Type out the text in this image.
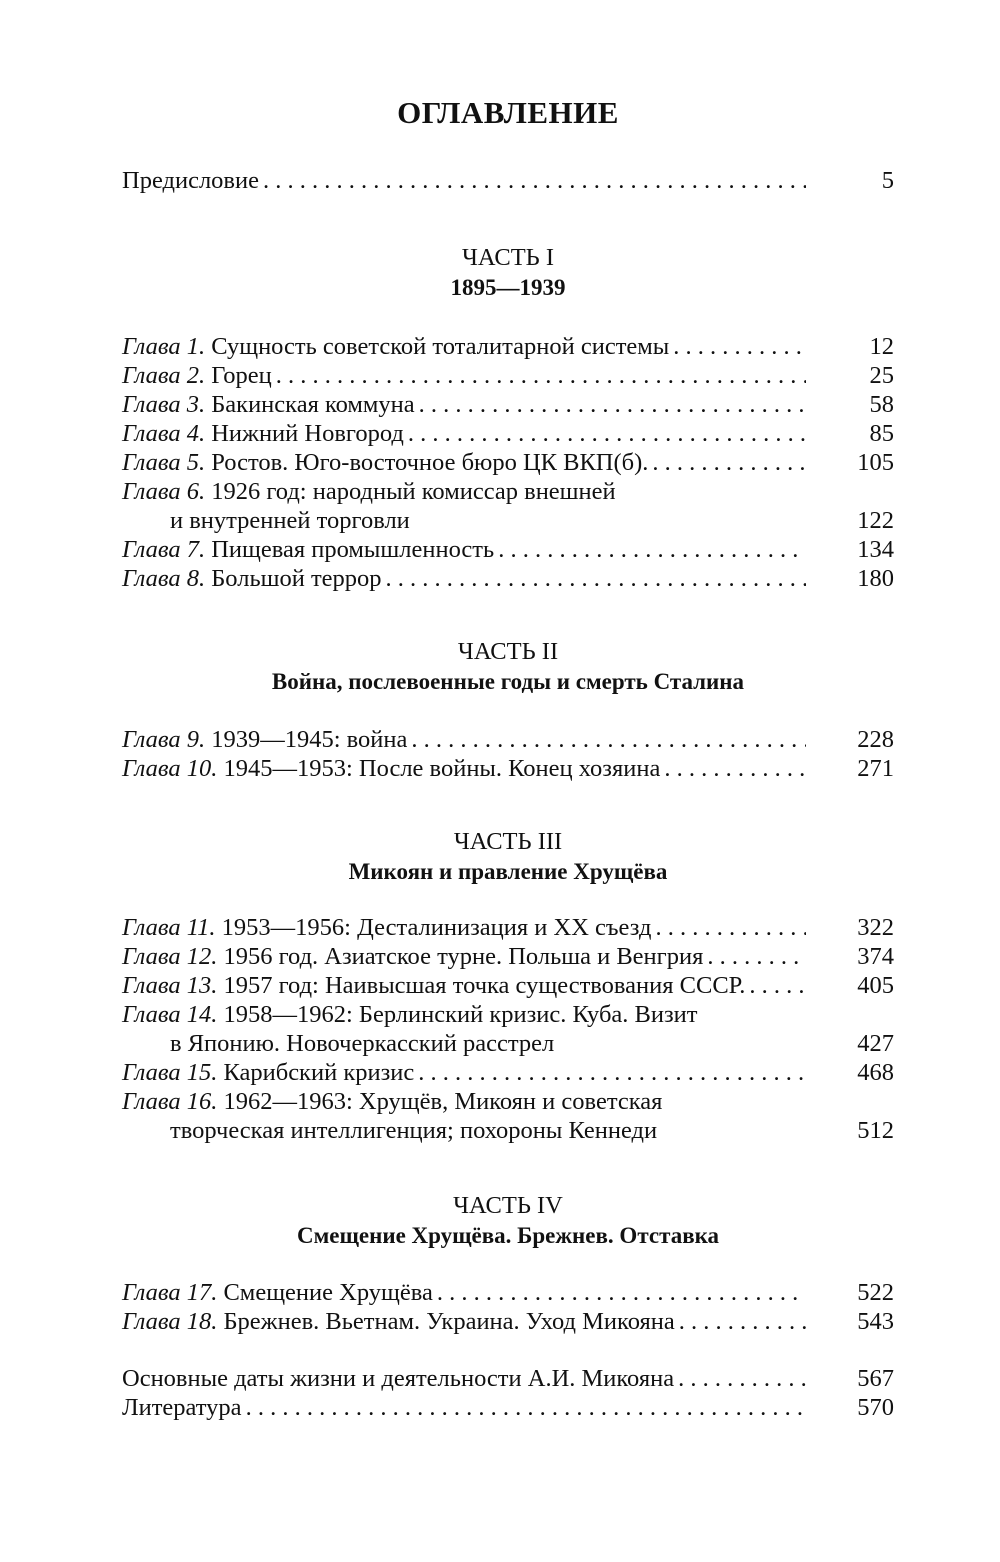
ОГЛАВЛЕНИЕ
Предисловие . . .	5
ЧАСТЬ I
1895—1939
Глава 1. Сущность советской тоталитарной системы . . .	12
Глава 2. Горец . . .	25
Глава 3. Бакинская коммуна . . .	58
Глава 4. Нижний Новгород . . .	85
Глава 5. Ростов. Юго-восточное бюро ЦК ВКП(б). . . .	105
Глава 6. 1926 год: народный комиссар внешней
и внутренней торговли	122
Глава 7. Пищевая промышленность . . .	134
Глава 8. Большой террор . . .	180
ЧАСТЬ II
Война, послевоенные годы и смерть Сталина
Глава 9. 1939—1945: война . . .	228
Глава 10. 1945—1953: После войны. Конец хозяина . . .	271
ЧАСТЬ III
Микоян и правление Хрущёва
Глава 11. 1953—1956: Десталинизация и XX съезд . . .	322
Глава 12. 1956 год. Азиатское турне. Польша и Венгрия . . .	374
Глава 13. 1957 год: Наивысшая точка существования СССР. . . .	405
Глава 14. 1958—1962: Берлинский кризис. Куба. Визит
в Японию. Новочеркасский расстрел	427
Глава 15. Карибский кризис . . .	468
Глава 16. 1962—1963: Хрущёв, Микоян и советская
творческая интеллигенция; похороны Кеннеди	512
ЧАСТЬ IV
Смещение Хрущёва. Брежнев. Отставка
Глава 17. Смещение Хрущёва . . .	522
Глава 18. Брежнев. Вьетнам. Украина. Уход Микояна . . .	543
Основные даты жизни и деятельности А.И. Микояна . . .	567
Литература . . .	570
